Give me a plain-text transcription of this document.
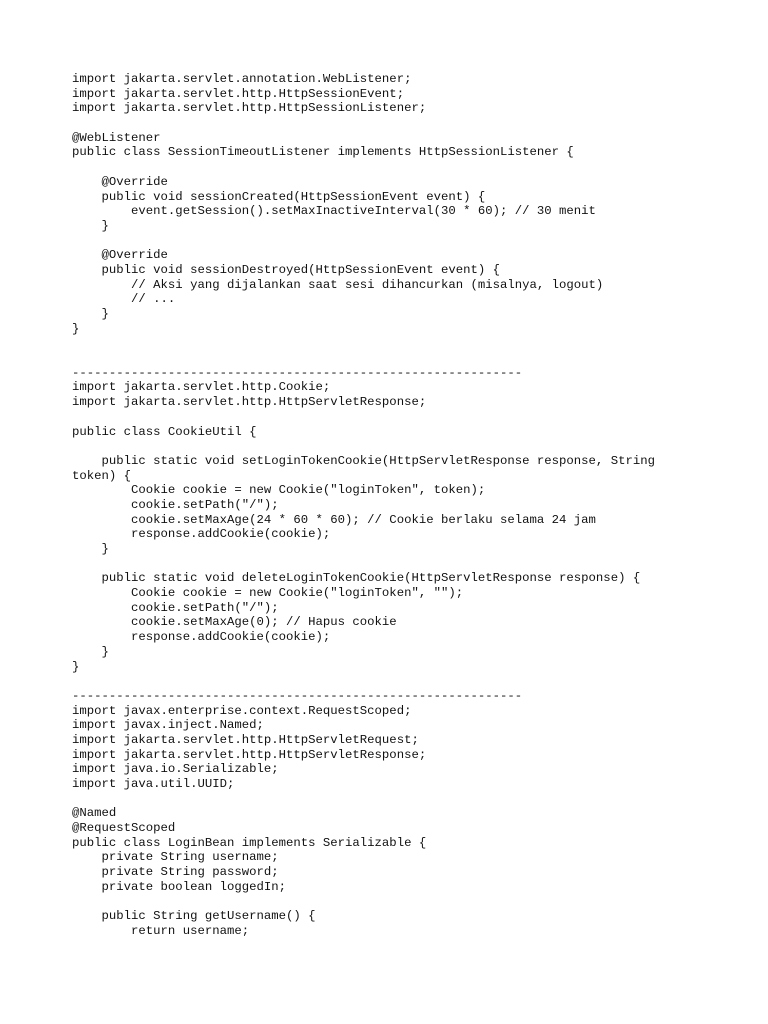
import jakarta.servlet.annotation.WebListener;
import jakarta.servlet.http.HttpSessionEvent;
import jakarta.servlet.http.HttpSessionListener;
@WebListener
public class SessionTimeoutListener implements HttpSessionListener {
@Override
public void sessionCreated(HttpSessionEvent event) {
event.getSession().setMaxInactiveInterval(30 * 60); // 30 menit
}
@Override
public void sessionDestroyed(HttpSessionEvent event) {
// Aksi yang dijalankan saat sesi dihancurkan (misalnya, logout)
// ...
}
}
-------------------------------------------------------------
import jakarta.servlet.http.Cookie;
import jakarta.servlet.http.HttpServletResponse;
public class CookieUtil {
public static void setLoginTokenCookie(HttpServletResponse response, String
token) {
Cookie cookie = new Cookie("loginToken", token);
cookie.setPath("/");
cookie.setMaxAge(24 * 60 * 60); // Cookie berlaku selama 24 jam
response.addCookie(cookie);
}
public static void deleteLoginTokenCookie(HttpServletResponse response) {
Cookie cookie = new Cookie("loginToken", "");
cookie.setPath("/");
cookie.setMaxAge(0); // Hapus cookie
response.addCookie(cookie);
}
}
-------------------------------------------------------------
import javax.enterprise.context.RequestScoped;
import javax.inject.Named;
import jakarta.servlet.http.HttpServletRequest;
import jakarta.servlet.http.HttpServletResponse;
import java.io.Serializable;
import java.util.UUID;
@Named
@RequestScoped
public class LoginBean implements Serializable {
private String username;
private String password;
private boolean loggedIn;
public String getUsername() {
return username;
